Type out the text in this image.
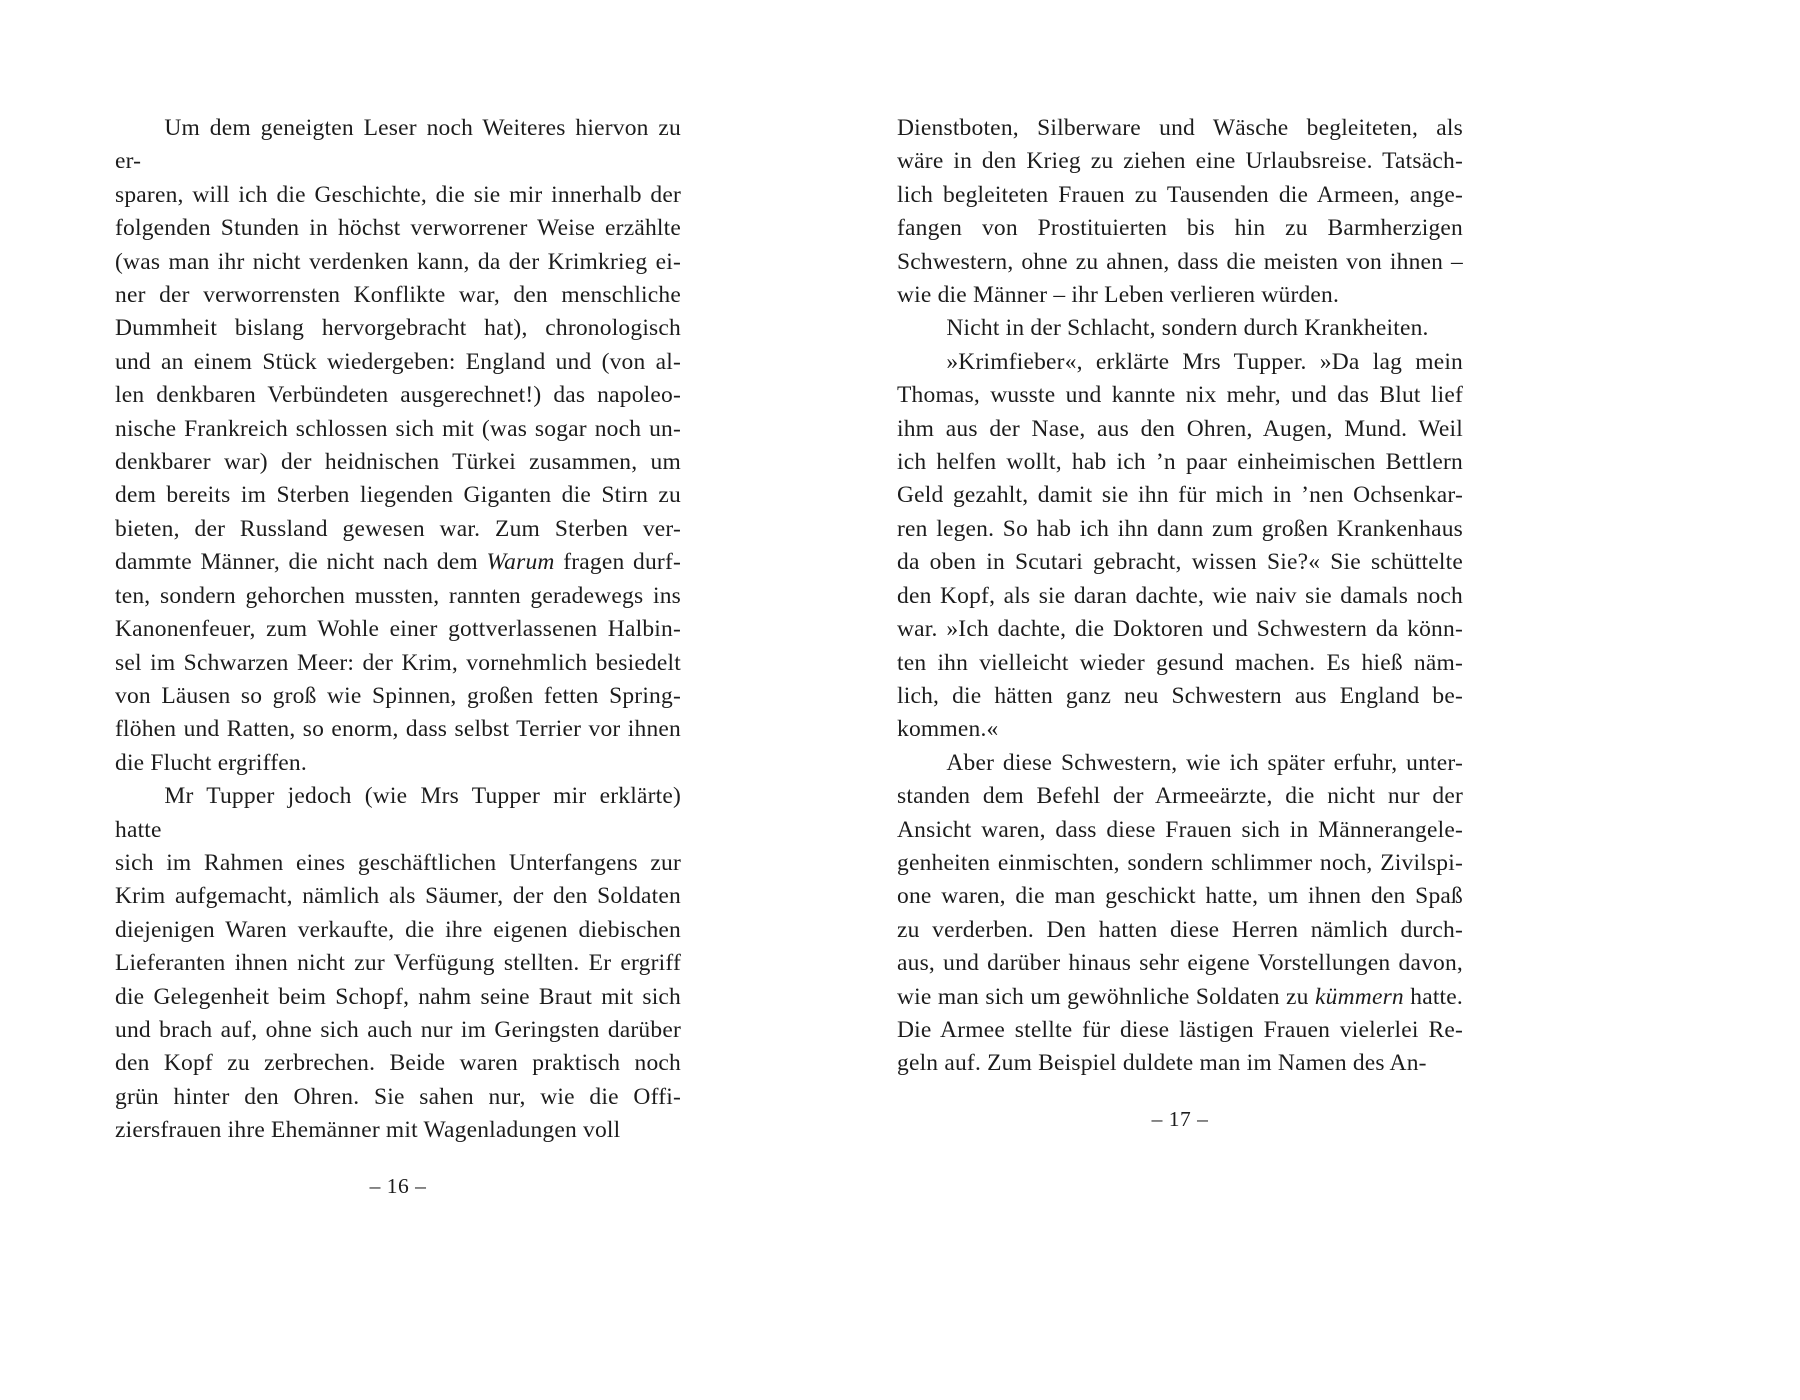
Um dem geneigten Leser noch Weiteres hiervon zu er-
sparen, will ich die Geschichte, die sie mir innerhalb der
folgenden Stunden in höchst verworrener Weise erzählte
(was man ihr nicht verdenken kann, da der Krimkrieg ei-
ner der verworrensten Konflikte war, den menschliche
Dummheit bislang hervorgebracht hat), chronologisch
und an einem Stück wiedergeben: England und (von al-
len denkbaren Verbündeten ausgerechnet!) das napoleo-
nische Frankreich schlossen sich mit (was sogar noch un-
denkbarer war) der heidnischen Türkei zusammen, um
dem bereits im Sterben liegenden Giganten die Stirn zu
bieten, der Russland gewesen war. Zum Sterben ver-
dammte Männer, die nicht nach dem Warum fragen durf-
ten, sondern gehorchen mussten, rannten geradewegs ins
Kanonenfeuer, zum Wohle einer gottverlassenen Halbin-
sel im Schwarzen Meer: der Krim, vornehmlich besiedelt
von Läusen so groß wie Spinnen, großen fetten Spring-
flöhen und Ratten, so enorm, dass selbst Terrier vor ihnen
die Flucht ergriffen.
Mr Tupper jedoch (wie Mrs Tupper mir erklärte) hatte
sich im Rahmen eines geschäftlichen Unterfangens zur
Krim aufgemacht, nämlich als Säumer, der den Soldaten
diejenigen Waren verkaufte, die ihre eigenen diebischen
Lieferanten ihnen nicht zur Verfügung stellten. Er ergriff
die Gelegenheit beim Schopf, nahm seine Braut mit sich
und brach auf, ohne sich auch nur im Geringsten darüber
den Kopf zu zerbrechen. Beide waren praktisch noch
grün hinter den Ohren. Sie sahen nur, wie die Offi-
ziersfrauen ihre Ehemänner mit Wagenladungen voll
– 16 –
Dienstboten, Silberware und Wäsche begleiteten, als
wäre in den Krieg zu ziehen eine Urlaubsreise. Tatsäch-
lich begleiteten Frauen zu Tausenden die Armeen, ange-
fangen von Prostituierten bis hin zu Barmherzigen
Schwestern, ohne zu ahnen, dass die meisten von ihnen –
wie die Männer – ihr Leben verlieren würden.
Nicht in der Schlacht, sondern durch Krankheiten.
»Krimfieber«, erklärte Mrs Tupper. »Da lag mein
Thomas, wusste und kannte nix mehr, und das Blut lief
ihm aus der Nase, aus den Ohren, Augen, Mund. Weil
ich helfen wollt, hab ich ’n paar einheimischen Bettlern
Geld gezahlt, damit sie ihn für mich in ’nen Ochsenkar-
ren legen. So hab ich ihn dann zum großen Krankenhaus
da oben in Scutari gebracht, wissen Sie?« Sie schüttelte
den Kopf, als sie daran dachte, wie naiv sie damals noch
war. »Ich dachte, die Doktoren und Schwestern da könn-
ten ihn vielleicht wieder gesund machen. Es hieß näm-
lich, die hätten ganz neu Schwestern aus England be-
kommen.«
Aber diese Schwestern, wie ich später erfuhr, unter-
standen dem Befehl der Armeeärzte, die nicht nur der
Ansicht waren, dass diese Frauen sich in Männerangele-
genheiten einmischten, sondern schlimmer noch, Zivilspi-
one waren, die man geschickt hatte, um ihnen den Spaß
zu verderben. Den hatten diese Herren nämlich durch-
aus, und darüber hinaus sehr eigene Vorstellungen davon,
wie man sich um gewöhnliche Soldaten zu kümmern hatte.
Die Armee stellte für diese lästigen Frauen vielerlei Re-
geln auf. Zum Beispiel duldete man im Namen des An-
– 17 –
